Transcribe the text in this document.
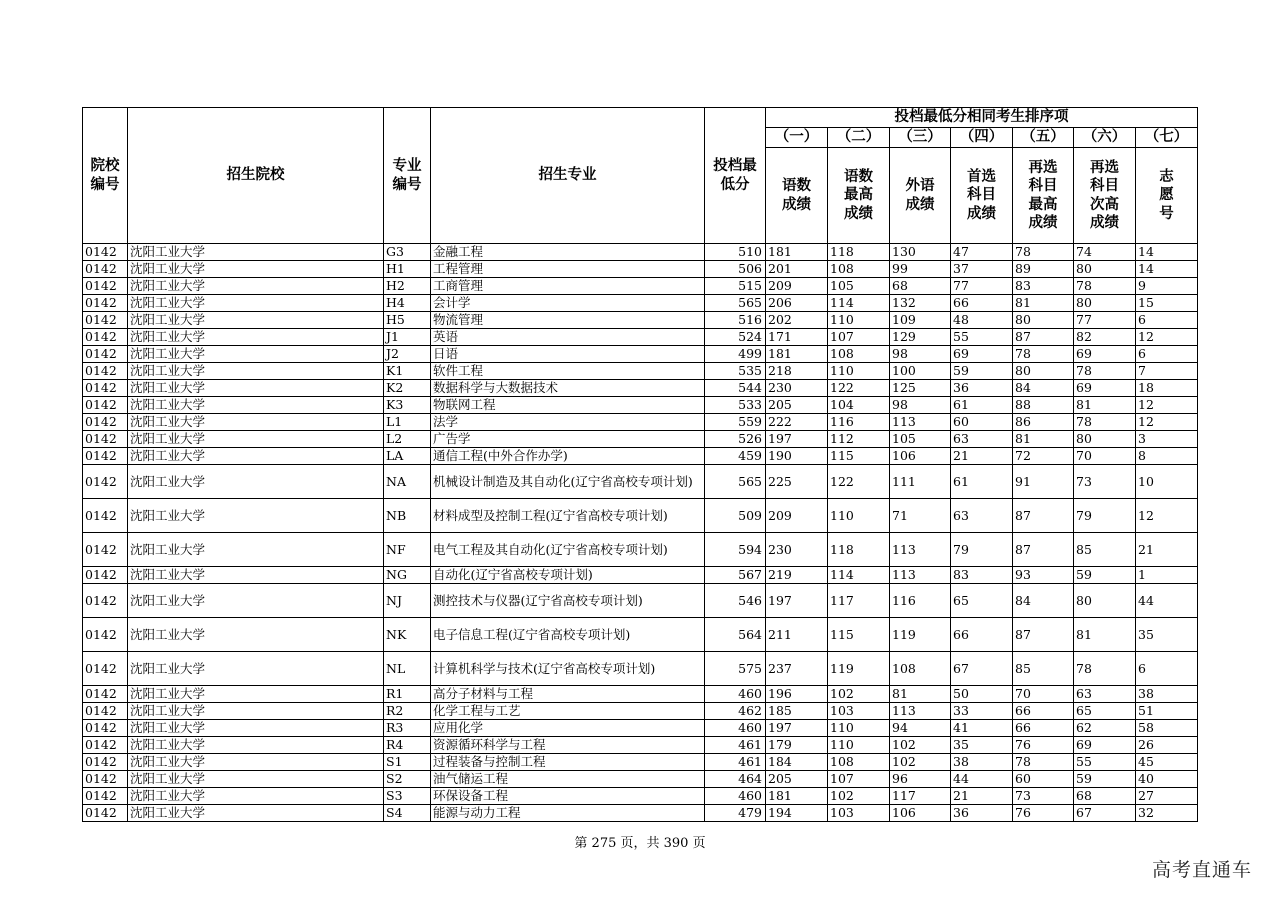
院校编号	招生院校	专业编号	招生专业	投档最低分	投档最低分相同考生排序项						
					（一）	（二）	（三）	（四）	（五）	（六）	（七）
					语数成绩	语数最高成绩	外语成绩	首选科目成绩	再选科目最高成绩	再选科目次高成绩	志愿号
0142	沈阳工业大学	G3	金融工程	510	181	118	130	47	78	74	14
0142	沈阳工业大学	H1	工程管理	506	201	108	99	37	89	80	14
0142	沈阳工业大学	H2	工商管理	515	209	105	68	77	83	78	9
0142	沈阳工业大学	H4	会计学	565	206	114	132	66	81	80	15
0142	沈阳工业大学	H5	物流管理	516	202	110	109	48	80	77	6
0142	沈阳工业大学	J1	英语	524	171	107	129	55	87	82	12
0142	沈阳工业大学	J2	日语	499	181	108	98	69	78	69	6
0142	沈阳工业大学	K1	软件工程	535	218	110	100	59	80	78	7
0142	沈阳工业大学	K2	数据科学与大数据技术	544	230	122	125	36	84	69	18
0142	沈阳工业大学	K3	物联网工程	533	205	104	98	61	88	81	12
0142	沈阳工业大学	L1	法学	559	222	116	113	60	86	78	12
0142	沈阳工业大学	L2	广告学	526	197	112	105	63	81	80	3
0142	沈阳工业大学	LA	通信工程(中外合作办学)	459	190	115	106	21	72	70	8
0142	沈阳工业大学	NA	机械设计制造及其自动化(辽宁省高校专项计划)	565	225	122	111	61	91	73	10
0142	沈阳工业大学	NB	材料成型及控制工程(辽宁省高校专项计划)	509	209	110	71	63	87	79	12
0142	沈阳工业大学	NF	电气工程及其自动化(辽宁省高校专项计划)	594	230	118	113	79	87	85	21
0142	沈阳工业大学	NG	自动化(辽宁省高校专项计划)	567	219	114	113	83	93	59	1
0142	沈阳工业大学	NJ	测控技术与仪器(辽宁省高校专项计划)	546	197	117	116	65	84	80	44
0142	沈阳工业大学	NK	电子信息工程(辽宁省高校专项计划)	564	211	115	119	66	87	81	35
0142	沈阳工业大学	NL	计算机科学与技术(辽宁省高校专项计划)	575	237	119	108	67	85	78	6
0142	沈阳工业大学	R1	高分子材料与工程	460	196	102	81	50	70	63	38
0142	沈阳工业大学	R2	化学工程与工艺	462	185	103	113	33	66	65	51
0142	沈阳工业大学	R3	应用化学	460	197	110	94	41	66	62	58
0142	沈阳工业大学	R4	资源循环科学与工程	461	179	110	102	35	76	69	26
0142	沈阳工业大学	S1	过程装备与控制工程	461	184	108	102	38	78	55	45
0142	沈阳工业大学	S2	油气储运工程	464	205	107	96	44	60	59	40
0142	沈阳工业大学	S3	环保设备工程	460	181	102	117	21	73	68	27
0142	沈阳工业大学	S4	能源与动力工程	479	194	103	106	36	76	67	32
第 275 页，共 390 页
高考直通车
